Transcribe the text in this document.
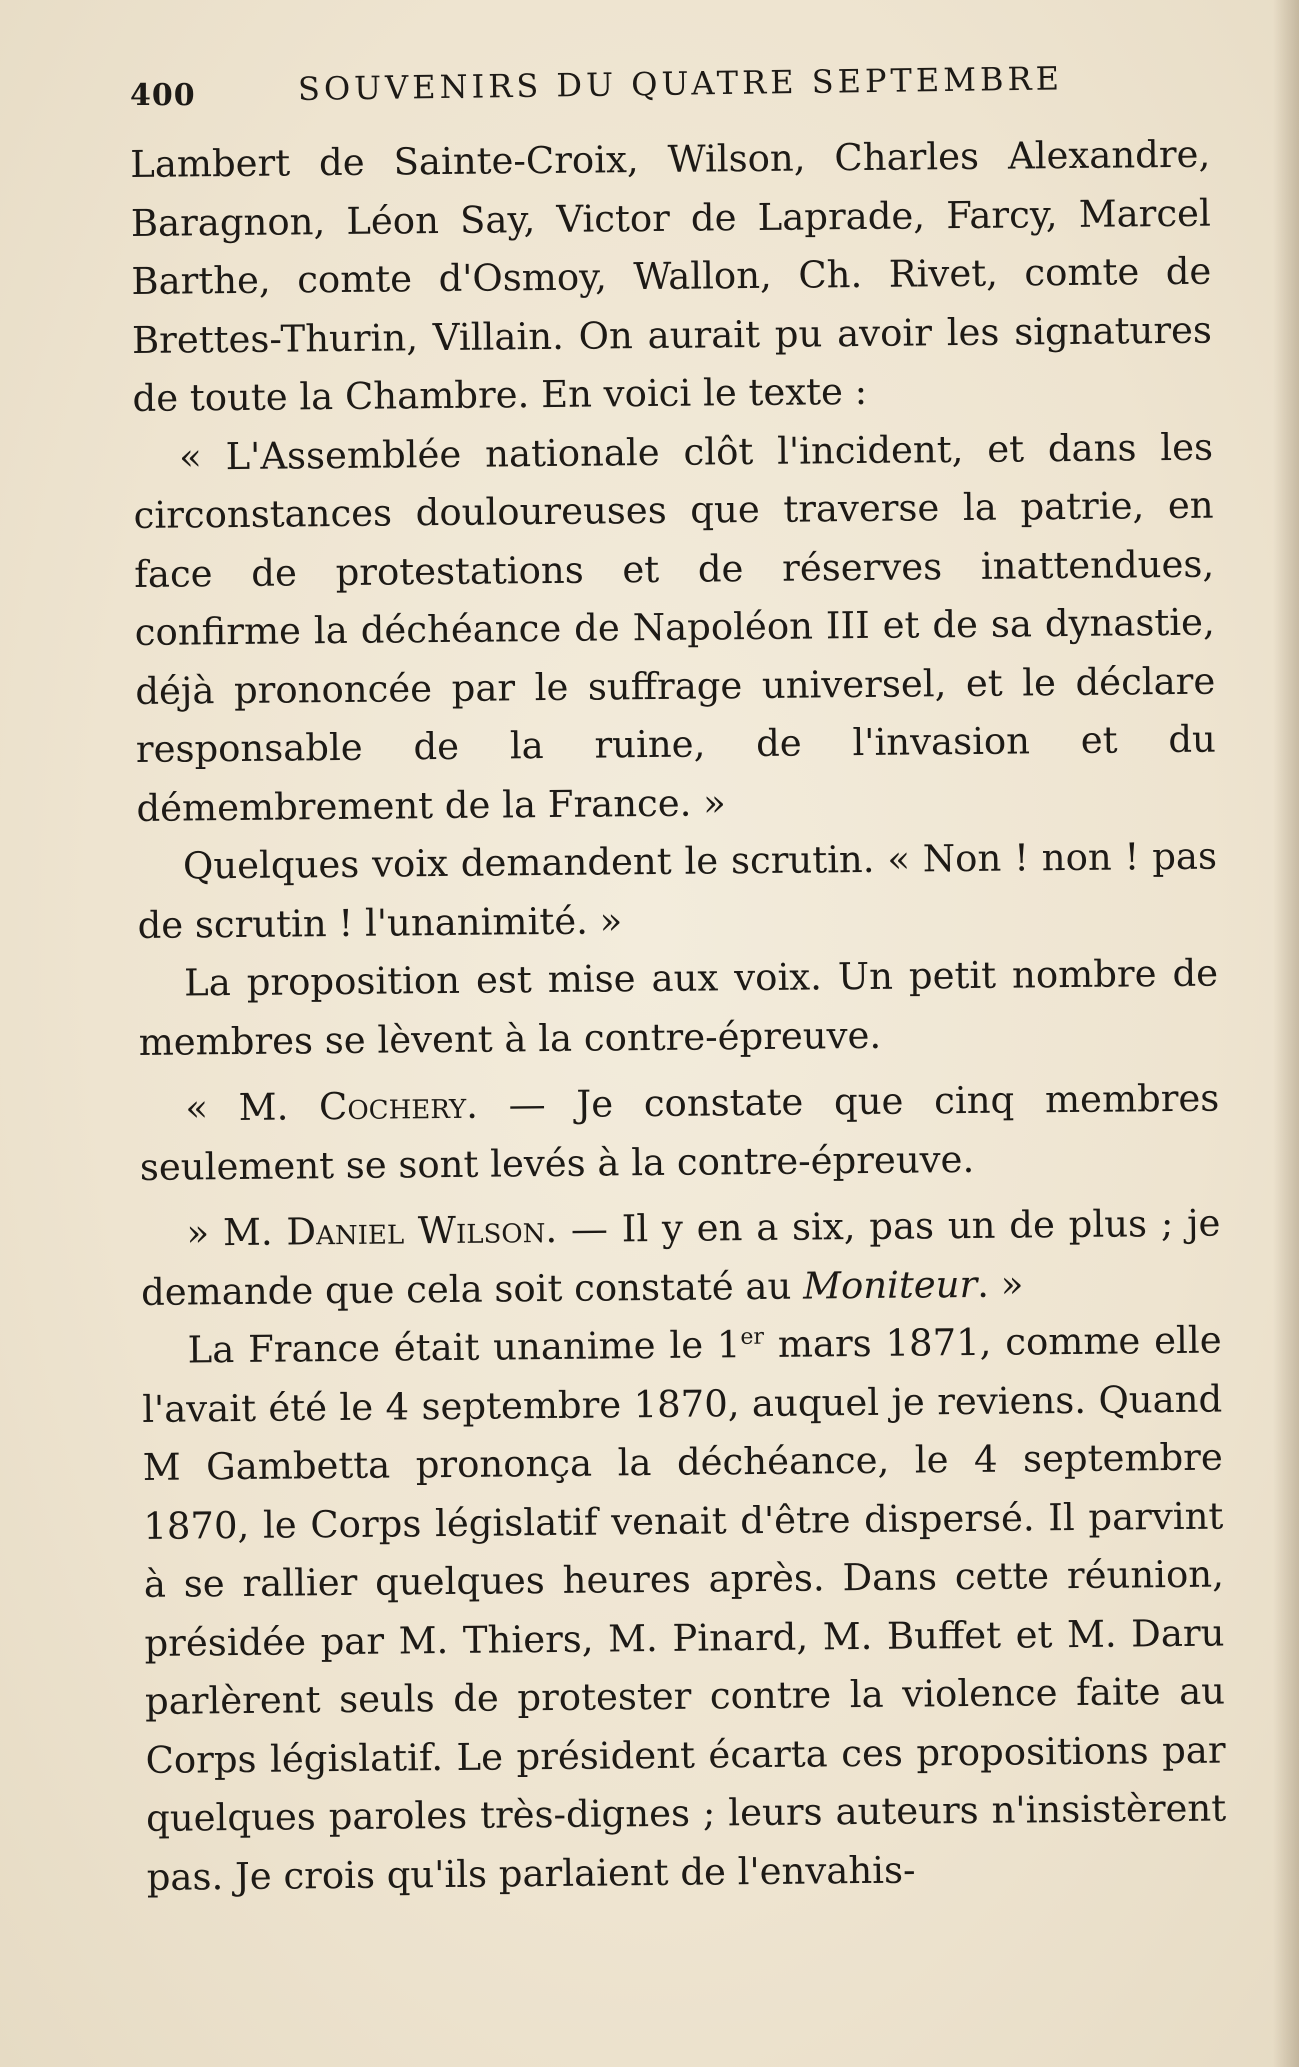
400	SOUVENIRS DU QUATRE SEPTEMBRE

Lambert de Sainte-Croix, Wilson, Charles Alexandre, Baragnon, Léon Say, Victor de Laprade, Farcy, Marcel Barthe, comte d'Osmoy, Wallon, Ch. Rivet, comte de Brettes-Thurin, Villain. On aurait pu avoir les signatures de toute la Chambre. En voici le texte :

« L'Assemblée nationale clôt l'incident, et dans les circonstances douloureuses que traverse la patrie, en face de protestations et de réserves inattendues, confirme la déchéance de Napoléon III et de sa dynastie, déjà prononcée par le suffrage universel, et le déclare responsable de la ruine, de l'invasion et du démembrement de la France. »

Quelques voix demandent le scrutin. « Non ! non ! pas de scrutin ! l'unanimité. »

La proposition est mise aux voix. Un petit nombre de membres se lèvent à la contre-épreuve.

« M. Cochery. — Je constate que cinq membres seulement se sont levés à la contre-épreuve.

» M. Daniel Wilson. — Il y en a six, pas un de plus ; je demande que cela soit constaté au Moniteur. »

La France était unanime le 1er mars 1871, comme elle l'avait été le 4 septembre 1870, auquel je reviens. Quand M Gambetta prononça la déchéance, le 4 septembre 1870, le Corps législatif venait d'être dispersé. Il parvint à se rallier quelques heures après. Dans cette réunion, présidée par M. Thiers, M. Pinard, M. Buffet et M. Daru parlèrent seuls de protester contre la violence faite au Corps législatif. Le président écarta ces propositions par quelques paroles très-dignes ; leurs auteurs n'insistèrent pas. Je crois qu'ils parlaient de l'envahis-
